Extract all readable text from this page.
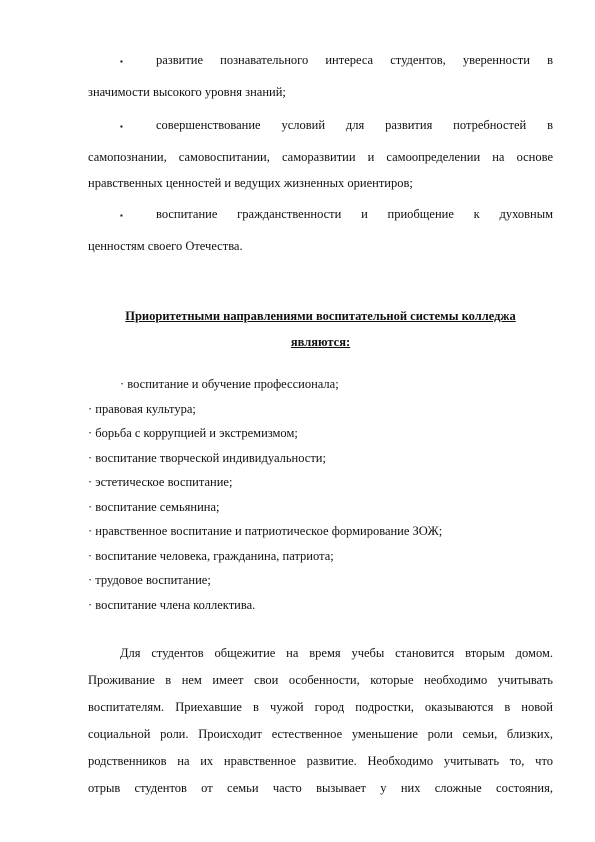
▪	развитие познавательного интереса студентов, уверенности в
значимости высокого уровня знаний;
▪	совершенствование условий для развития потребностей в
самопознании, самовоспитании, саморазвитии и самоопределении на основе
нравственных ценностей и ведущих жизненных ориентиров;
▪	воспитание гражданственности и приобщение к духовным
ценностям своего Отечества.
Приоритетными направлениями воспитательной системы колледжа
являются:
· воспитание и обучение профессионала;
· правовая культура;
· борьба с коррупцией и экстремизмом;
· воспитание творческой индивидуальности;
· эстетическое воспитание;
· воспитание семьянина;
· нравственное воспитание и патриотическое формирование ЗОЖ;
· воспитание человека, гражданина, патриота;
· трудовое воспитание;
· воспитание члена коллектива.
Для студентов общежитие на время учебы становится вторым домом.
Проживание в нем имеет свои особенности, которые необходимо учитывать
воспитателям. Приехавшие в чужой город подростки, оказываются в новой
социальной роли. Происходит естественное уменьшение роли семьи, близких,
родственников на их нравственное развитие. Необходимо учитывать то, что
отрыв студентов от семьи часто вызывает у них сложные состояния,
